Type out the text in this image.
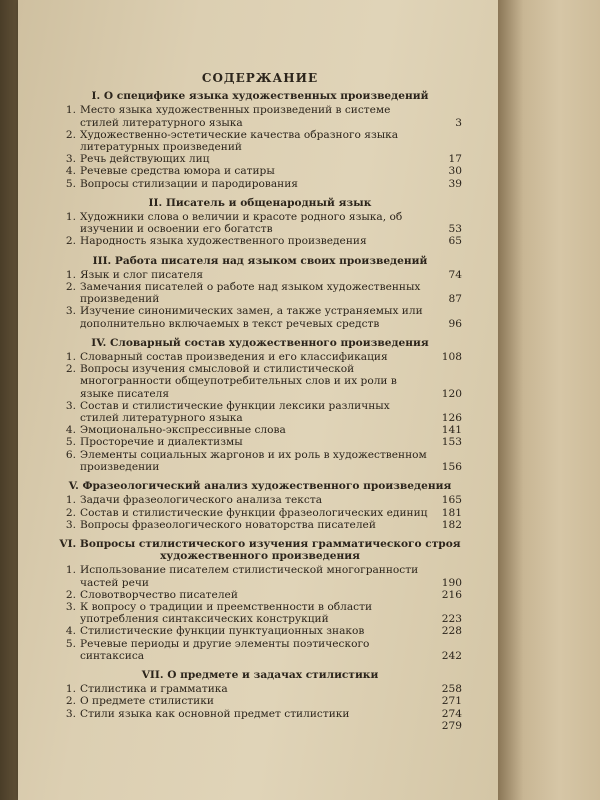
СОДЕРЖАНИЕ
I. О специфике языка художественных произведений
1. Место языка художественных произведений в системе стилей литературного языка	3
2. Художественно-эстетические качества образного языка литературных произведений
3. Речь действующих лиц	17
4. Речевые средства юмора и сатиры	30
5. Вопросы стилизации и пародирования	39
II. Писатель и общенародный язык
1. Художники слова о величии и красоте родного языка, об изучении и освоении его богатств	53
2. Народность языка художественного произведения	65
III. Работа писателя над языком своих произведений
1. Язык и слог писателя	74
2. Замечания писателей о работе над языком художественных произведений	87
3. Изучение синонимических замен, а также устраняемых или дополнительно включаемых в текст речевых средств	96
IV. Словарный состав художественного произведения
1. Словарный состав произведения и его классификация	108
2. Вопросы изучения смысловой и стилистической многогранности общеупотребительных слов и их роли в языке писателя	120
3. Состав и стилистические функции лексики различных стилей литературного языка	126
4. Эмоционально-экспрессивные слова	141
5. Просторечие и диалектизмы	153
6. Элементы социальных жаргонов и их роль в художественном произведении	156
V. Фразеологический анализ художественного произведения
1. Задачи фразеологического анализа текста	165
2. Состав и стилистические функции фразеологических единиц	181
3. Вопросы фразеологического новаторства писателей	182
VI. Вопросы стилистического изучения грамматического строя художественного произведения
1. Использование писателем стилистической многогранности частей речи	190
2. Словотворчество писателей	216
3. К вопросу о традиции и преемственности в области употребления синтаксических конструкций	223
4. Стилистические функции пунктуационных знаков	228
5. Речевые периоды и другие элементы поэтического синтаксиса	242
VII. О предмете и задачах стилистики
1. Стилистика и грамматика	258
2. О предмете стилистики	271
3. Стили языка как основной предмет стилистики	274
279
